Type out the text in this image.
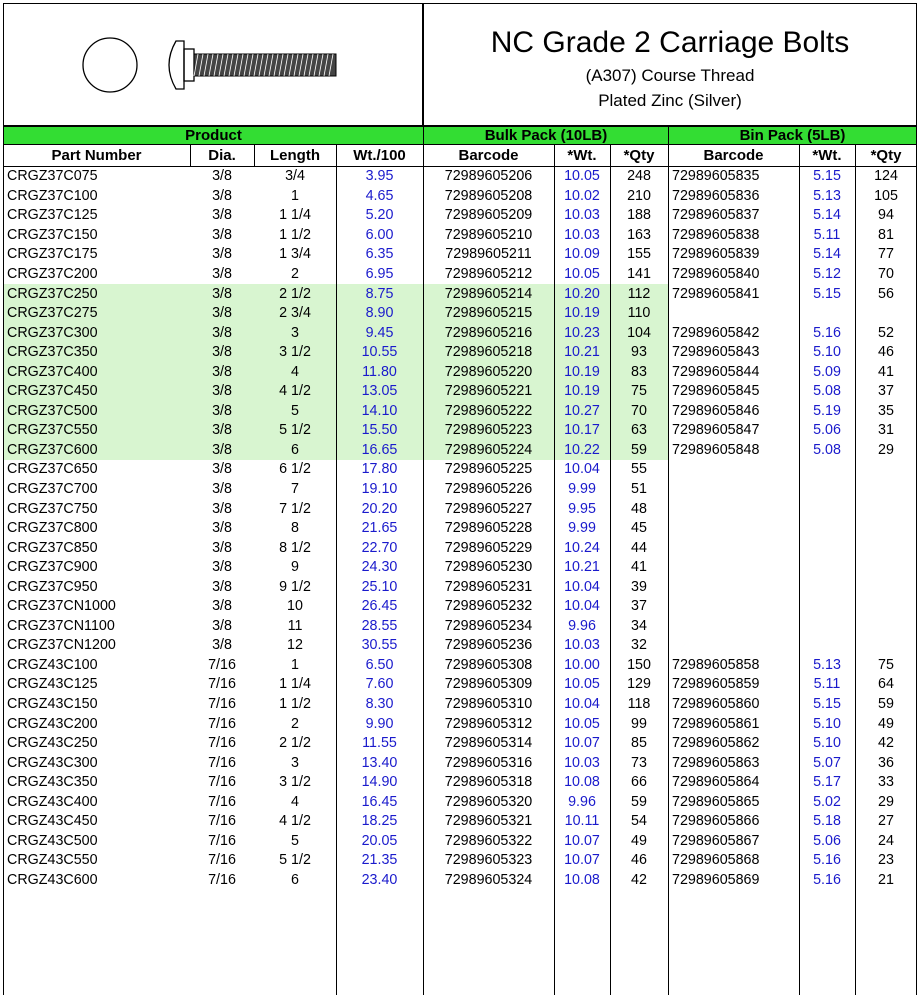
NC Grade 2 Carriage Bolts
(A307) Course Thread
Plated Zinc (Silver)
Product	Bulk Pack (10LB)	Bin Pack (5LB)
Part Number	Dia.	Length	Wt./100	Barcode	*Wt.	*Qty	Barcode	*Wt.	*Qty
CRGZ37C075	3/8	3/4	3.95	72989605206	10.05	248	72989605835	5.15	124
CRGZ37C100	3/8	1	4.65	72989605208	10.02	210	72989605836	5.13	105
CRGZ37C125	3/8	1 1/4	5.20	72989605209	10.03	188	72989605837	5.14	94
CRGZ37C150	3/8	1 1/2	6.00	72989605210	10.03	163	72989605838	5.11	81
CRGZ37C175	3/8	1 3/4	6.35	72989605211	10.09	155	72989605839	5.14	77
CRGZ37C200	3/8	2	6.95	72989605212	10.05	141	72989605840	5.12	70
CRGZ37C250	3/8	2 1/2	8.75	72989605214	10.20	112	72989605841	5.15	56
CRGZ37C275	3/8	2 3/4	8.90	72989605215	10.19	110			
CRGZ37C300	3/8	3	9.45	72989605216	10.23	104	72989605842	5.16	52
CRGZ37C350	3/8	3 1/2	10.55	72989605218	10.21	93	72989605843	5.10	46
CRGZ37C400	3/8	4	11.80	72989605220	10.19	83	72989605844	5.09	41
CRGZ37C450	3/8	4 1/2	13.05	72989605221	10.19	75	72989605845	5.08	37
CRGZ37C500	3/8	5	14.10	72989605222	10.27	70	72989605846	5.19	35
CRGZ37C550	3/8	5 1/2	15.50	72989605223	10.17	63	72989605847	5.06	31
CRGZ37C600	3/8	6	16.65	72989605224	10.22	59	72989605848	5.08	29
CRGZ37C650	3/8	6 1/2	17.80	72989605225	10.04	55			
CRGZ37C700	3/8	7	19.10	72989605226	9.99	51			
CRGZ37C750	3/8	7 1/2	20.20	72989605227	9.95	48			
CRGZ37C800	3/8	8	21.65	72989605228	9.99	45			
CRGZ37C850	3/8	8 1/2	22.70	72989605229	10.24	44			
CRGZ37C900	3/8	9	24.30	72989605230	10.21	41			
CRGZ37C950	3/8	9 1/2	25.10	72989605231	10.04	39			
CRGZ37CN1000	3/8	10	26.45	72989605232	10.04	37			
CRGZ37CN1100	3/8	11	28.55	72989605234	9.96	34			
CRGZ37CN1200	3/8	12	30.55	72989605236	10.03	32			
CRGZ43C100	7/16	1	6.50	72989605308	10.00	150	72989605858	5.13	75
CRGZ43C125	7/16	1 1/4	7.60	72989605309	10.05	129	72989605859	5.11	64
CRGZ43C150	7/16	1 1/2	8.30	72989605310	10.04	118	72989605860	5.15	59
CRGZ43C200	7/16	2	9.90	72989605312	10.05	99	72989605861	5.10	49
CRGZ43C250	7/16	2 1/2	11.55	72989605314	10.07	85	72989605862	5.10	42
CRGZ43C300	7/16	3	13.40	72989605316	10.03	73	72989605863	5.07	36
CRGZ43C350	7/16	3 1/2	14.90	72989605318	10.08	66	72989605864	5.17	33
CRGZ43C400	7/16	4	16.45	72989605320	9.96	59	72989605865	5.02	29
CRGZ43C450	7/16	4 1/2	18.25	72989605321	10.11	54	72989605866	5.18	27
CRGZ43C500	7/16	5	20.05	72989605322	10.07	49	72989605867	5.06	24
CRGZ43C550	7/16	5 1/2	21.35	72989605323	10.07	46	72989605868	5.16	23
CRGZ43C600	7/16	6	23.40	72989605324	10.08	42	72989605869	5.16	21
